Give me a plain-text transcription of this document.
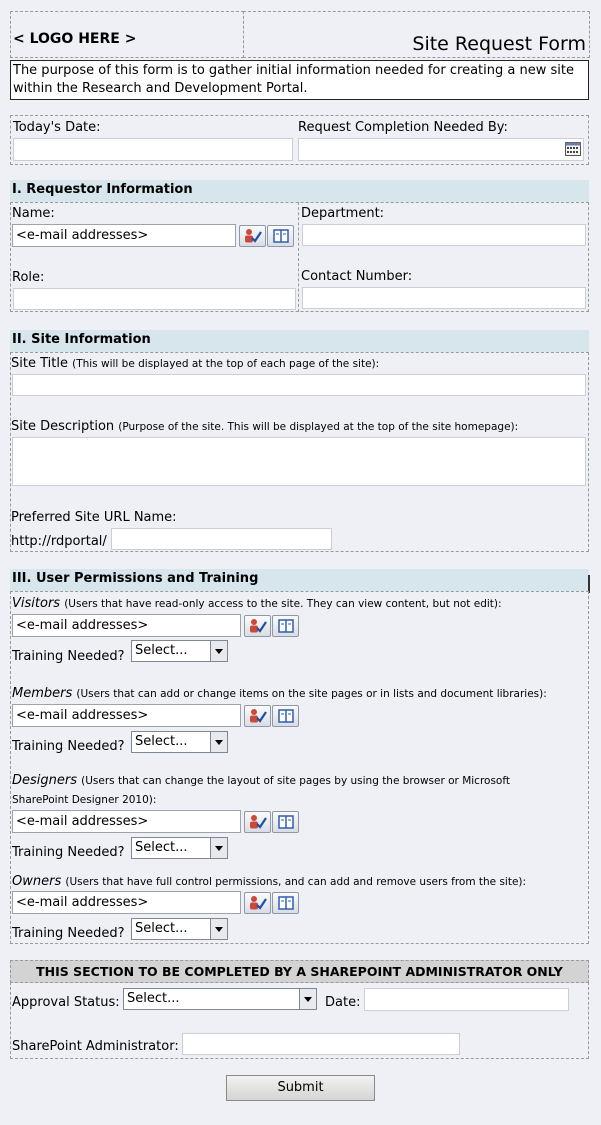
< LOGO HERE >	Site Request Form
The purpose of this form is to gather initial information needed for creating a new site within the Research and Development Portal.
Today's Date:	Request Completion Needed By:
I. Requestor Information
Name:
<e-mail addresses>
Department:
Role:	Contact Number:
II. Site Information
Site Title (This will be displayed at the top of each page of the site):
Site Description (Purpose of the site. This will be displayed at the top of the site homepage):
Preferred Site URL Name:
http://rdportal/
III. User Permissions and Training
Visitors (Users that have read-only access to the site. They can view content, but not edit):
<e-mail addresses>
Training Needed? Select...
Members (Users that can add or change items on the site pages or in lists and document libraries):
<e-mail addresses>
Training Needed? Select...
Designers (Users that can change the layout of site pages by using the browser or Microsoft
SharePoint Designer 2010):
<e-mail addresses>
Training Needed? Select...
Owners (Users that have full control permissions, and can add and remove users from the site):
<e-mail addresses>
Training Needed? Select...
THIS SECTION TO BE COMPLETED BY A SHAREPOINT ADMINISTRATOR ONLY
Approval Status: Select...	Date:
SharePoint Administrator:
Submit
